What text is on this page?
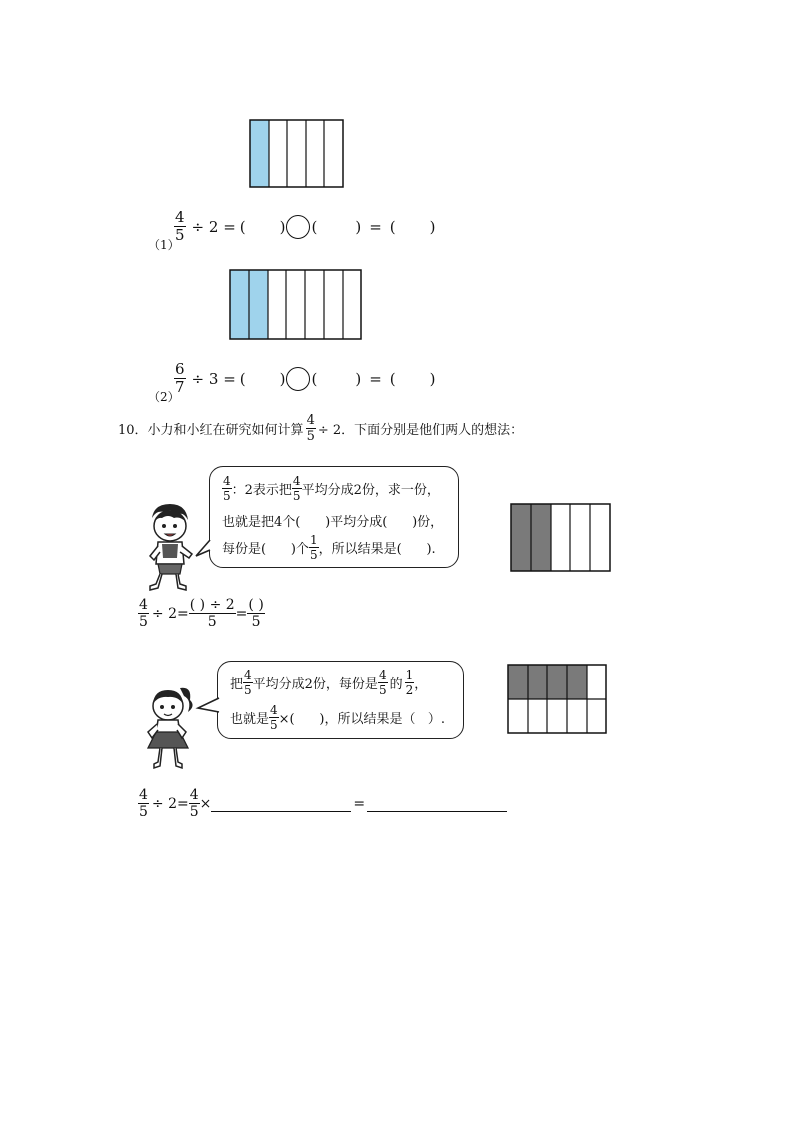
（1）
$\frac{4}{5} \div 2$ = ( ) (	) = ( )
（2）
$\frac{6}{7} \div 3$ = ( ) (	) = ( )
10． 小力和小红在研究如何计算 $\frac{4}{5} \div 2$．下面分别是他们两人的想法：
$\frac{4}{5}$ ：2表示把 $\frac{4}{5}$ 平均分成2份，求一份，
也就是把4个(      )平均分成(      )份，
每份是(      )个 $\frac{1}{5}$ ，所以结果是(      ).
$\frac{4}{5} \div 2= \frac{( ) \div 2}{5} = \frac{( )}{5}$
把 $\frac{4}{5}$ 平均分成2份，每份是 $\frac{4}{5}$ 的 $\frac{1}{2}$ ，
也就是 $\frac{4}{5}$ ×(      )，所以结果是（   ）.
$\frac{4}{5} \div 2= \frac{4}{5}$ ×	=
